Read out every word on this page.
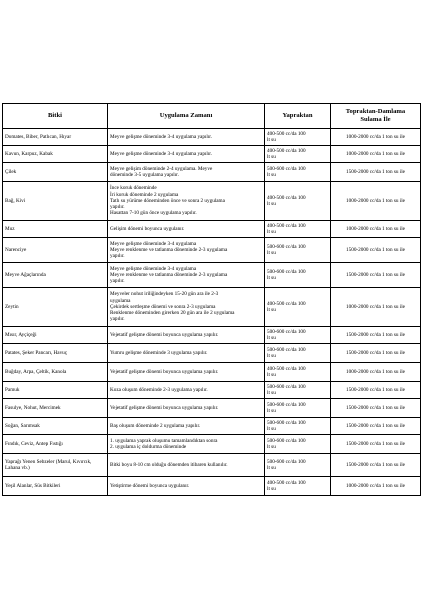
Bitki	Uygulama Zamanı	Yapraktan	Topraktan-Damlama
Sulama İle

Domates, Biber, Patlıcan, Hıyar	Meyve gelişme döneminde 3-4 uygulama yapılır.	400-500 cc/da 100
lt su	1000-2000 cc/da 1 ton su ile
Kavun, Karpuz, Kabak	Meyve gelişme döneminde 3-4 uygulama yapılır.	400-500 cc/da 100
lt su	1000-2000 cc/da 1 ton su ile
Çilek	Meyve gelişim döneminde 2-4 uygulama. Meyve
döneminde 3-5 uygulama yapılır.	500-600 cc/da 100
lt su	1500-2000 cc/da 1 ton su ile
Bağ, Kivi	İnce koruk döneminde
İri koruk döneminde 2 uygulama
Tatlı su yürüme döneminden önce ve sonra 2 uygulama
yapılır.
Hasattan 7-10 gün önce uygulama yapılır.	400-500 cc/da 100
lt su	1000-2000 cc/da 1 ton su ile
Muz	Gelişim dönemi boyunca uygulanır.	400-500 cc/da 100
lt su	1000-2000 cc/da 1 ton su ile
Narenciye	Meyve gelişme döneminde 3-4 uygulama
Meyve renklenme ve tatlanma döneminde 2-3 uygulama
yapılır.	500-600 cc/da 100
lt su	1500-2000 cc/da 1 ton su ile
Meyve Ağaçlarında	Meyve gelişme döneminde 3-4 uygulama
Meyve renklenme ve tatlanma döneminde 2-3 uygulama
yapılır.	500-600 cc/da 100
lt su	1500-2000 cc/da 1 ton su ile
Zeytin	Meyveler nohut iriliğindeyken 15-20 gün ara ile 2-3
uygulama
Çekirdek sertleşme dönemi ve sonra 2-3 uygulama
Renklenme döneminden girerken 20 gün ara ile 2 uygulama
yapılır.	400-500 cc/da 100
lt su	1000-2000 cc/da 1 ton su ile
Mısır, Ayçiçeği	Vejetatif gelişme dönemi boyunca uygulama yapılır.	500-600 cc/da 100
lt su	1500-2000 cc/da 1 ton su ile
Patates, Şeker Pancarı, Havuç	Yumru gelişme döneminde 3 uygulama yapılır.	500-600 cc/da 100
lt su	1500-2000 cc/da 1 ton su ile
Buğday, Arpa, Çeltik, Kanola	Vejetatif gelişme dönemi boyunca uygulama yapılır.	400-500 cc/da 100
lt su	1000-2000 cc/da 1 ton su ile
Pamuk	Koza oluşum döneminde 2-3 uygulama yapılır.	500-600 cc/da 100
lt su	1500-2000 cc/da 1 ton su ile
Fasulye, Nohut, Mercimek	Vejetatif gelişme dönemi boyunca uygulama yapılır.	500-600 cc/da 100
lt su	1500-2000 cc/da 1 ton su ile
Soğan, Sarımsak	Baş oluşum döneminde 2 uygulama yapılır.	500-600 cc/da 100
lt su	1500-2000 cc/da 1 ton su ile
Fındık, Ceviz, Antep Fıstığı	1. uygulama yaprak oluşumu tamamlandıktan sonra
2. uygulama iç doldurma döneminde	500-600 cc/da 100
lt su	1500-2000 cc/da 1 ton su ile
Yaprağı Yenen Sebzeler (Marul, Kıvırcık, Lahana vb.)	Bitki boyu 8-10 cm olduğu dönemden itibaren kullanılır.	500-600 cc/da 100
lt su	1500-2000 cc/da 1 ton su ile
Yeşil Alanlar, Süs Bitkileri	Yetiştirme dönemi boyunca uygulanır.	400-500 cc/da 100
lt su	1000-2000 cc/da 1 ton su ile
